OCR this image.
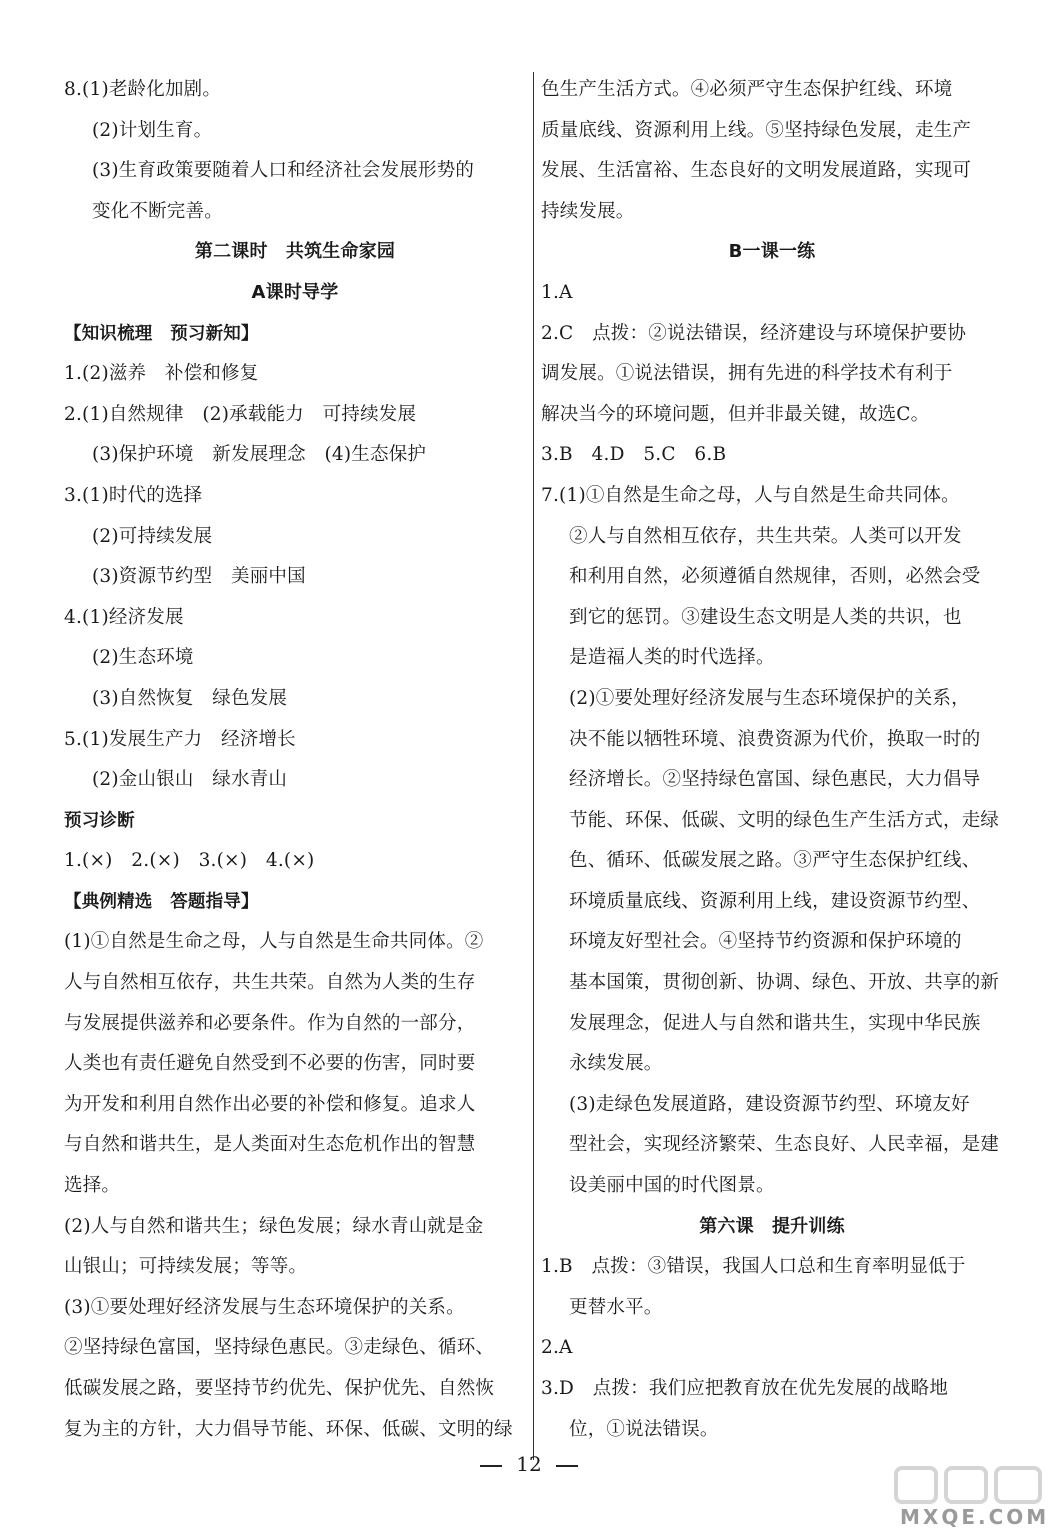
8.(1)老龄化加剧。
(2)计划生育。
(3)生育政策要随着人口和经济社会发展形势的
变化不断完善。
第二课时　共筑生命家园
A课时导学
【知识梳理　预习新知】
1.(2)滋养　补偿和修复
2.(1)自然规律　(2)承载能力　可持续发展
(3)保护环境　新发展理念　(4)生态保护
3.(1)时代的选择
(2)可持续发展
(3)资源节约型　美丽中国
4.(1)经济发展
(2)生态环境
(3)自然恢复　绿色发展
5.(1)发展生产力　经济增长
(2)金山银山　绿水青山
预习诊断
1.(×)　2.(×)　3.(×)　4.(×)
【典例精选　答题指导】
(1)①自然是生命之母，人与自然是生命共同体。②
人与自然相互依存，共生共荣。自然为人类的生存
与发展提供滋养和必要条件。作为自然的一部分，
人类也有责任避免自然受到不必要的伤害，同时要
为开发和利用自然作出必要的补偿和修复。追求人
与自然和谐共生，是人类面对生态危机作出的智慧
选择。
(2)人与自然和谐共生；绿色发展；绿水青山就是金
山银山；可持续发展；等等。
(3)①要处理好经济发展与生态环境保护的关系。
②坚持绿色富国，坚持绿色惠民。③走绿色、循环、
低碳发展之路，要坚持节约优先、保护优先、自然恢
复为主的方针，大力倡导节能、环保、低碳、文明的绿
色生产生活方式。④必须严守生态保护红线、环境
质量底线、资源利用上线。⑤坚持绿色发展，走生产
发展、生活富裕、生态良好的文明发展道路，实现可
持续发展。
B一课一练
1.A
2.C　点拨：②说法错误，经济建设与环境保护要协
调发展。①说法错误，拥有先进的科学技术有利于
解决当今的环境问题，但并非最关键，故选C。
3.B　4.D　5.C　6.B
7.(1)①自然是生命之母，人与自然是生命共同体。
②人与自然相互依存，共生共荣。人类可以开发
和利用自然，必须遵循自然规律，否则，必然会受
到它的惩罚。③建设生态文明是人类的共识，也
是造福人类的时代选择。
(2)①要处理好经济发展与生态环境保护的关系，
决不能以牺牲环境、浪费资源为代价，换取一时的
经济增长。②坚持绿色富国、绿色惠民，大力倡导
节能、环保、低碳、文明的绿色生产生活方式，走绿
色、循环、低碳发展之路。③严守生态保护红线、
环境质量底线、资源利用上线，建设资源节约型、
环境友好型社会。④坚持节约资源和保护环境的
基本国策，贯彻创新、协调、绿色、开放、共享的新
发展理念，促进人与自然和谐共生，实现中华民族
永续发展。
(3)走绿色发展道路，建设资源节约型、环境友好
型社会，实现经济繁荣、生态良好、人民幸福，是建
设美丽中国的时代图景。
第六课　提升训练
1.B　点拨：③错误，我国人口总和生育率明显低于
更替水平。
2.A
3.D　点拨：我们应把教育放在优先发展的战略地
位，①说法错误。
12
MXQE.COM
